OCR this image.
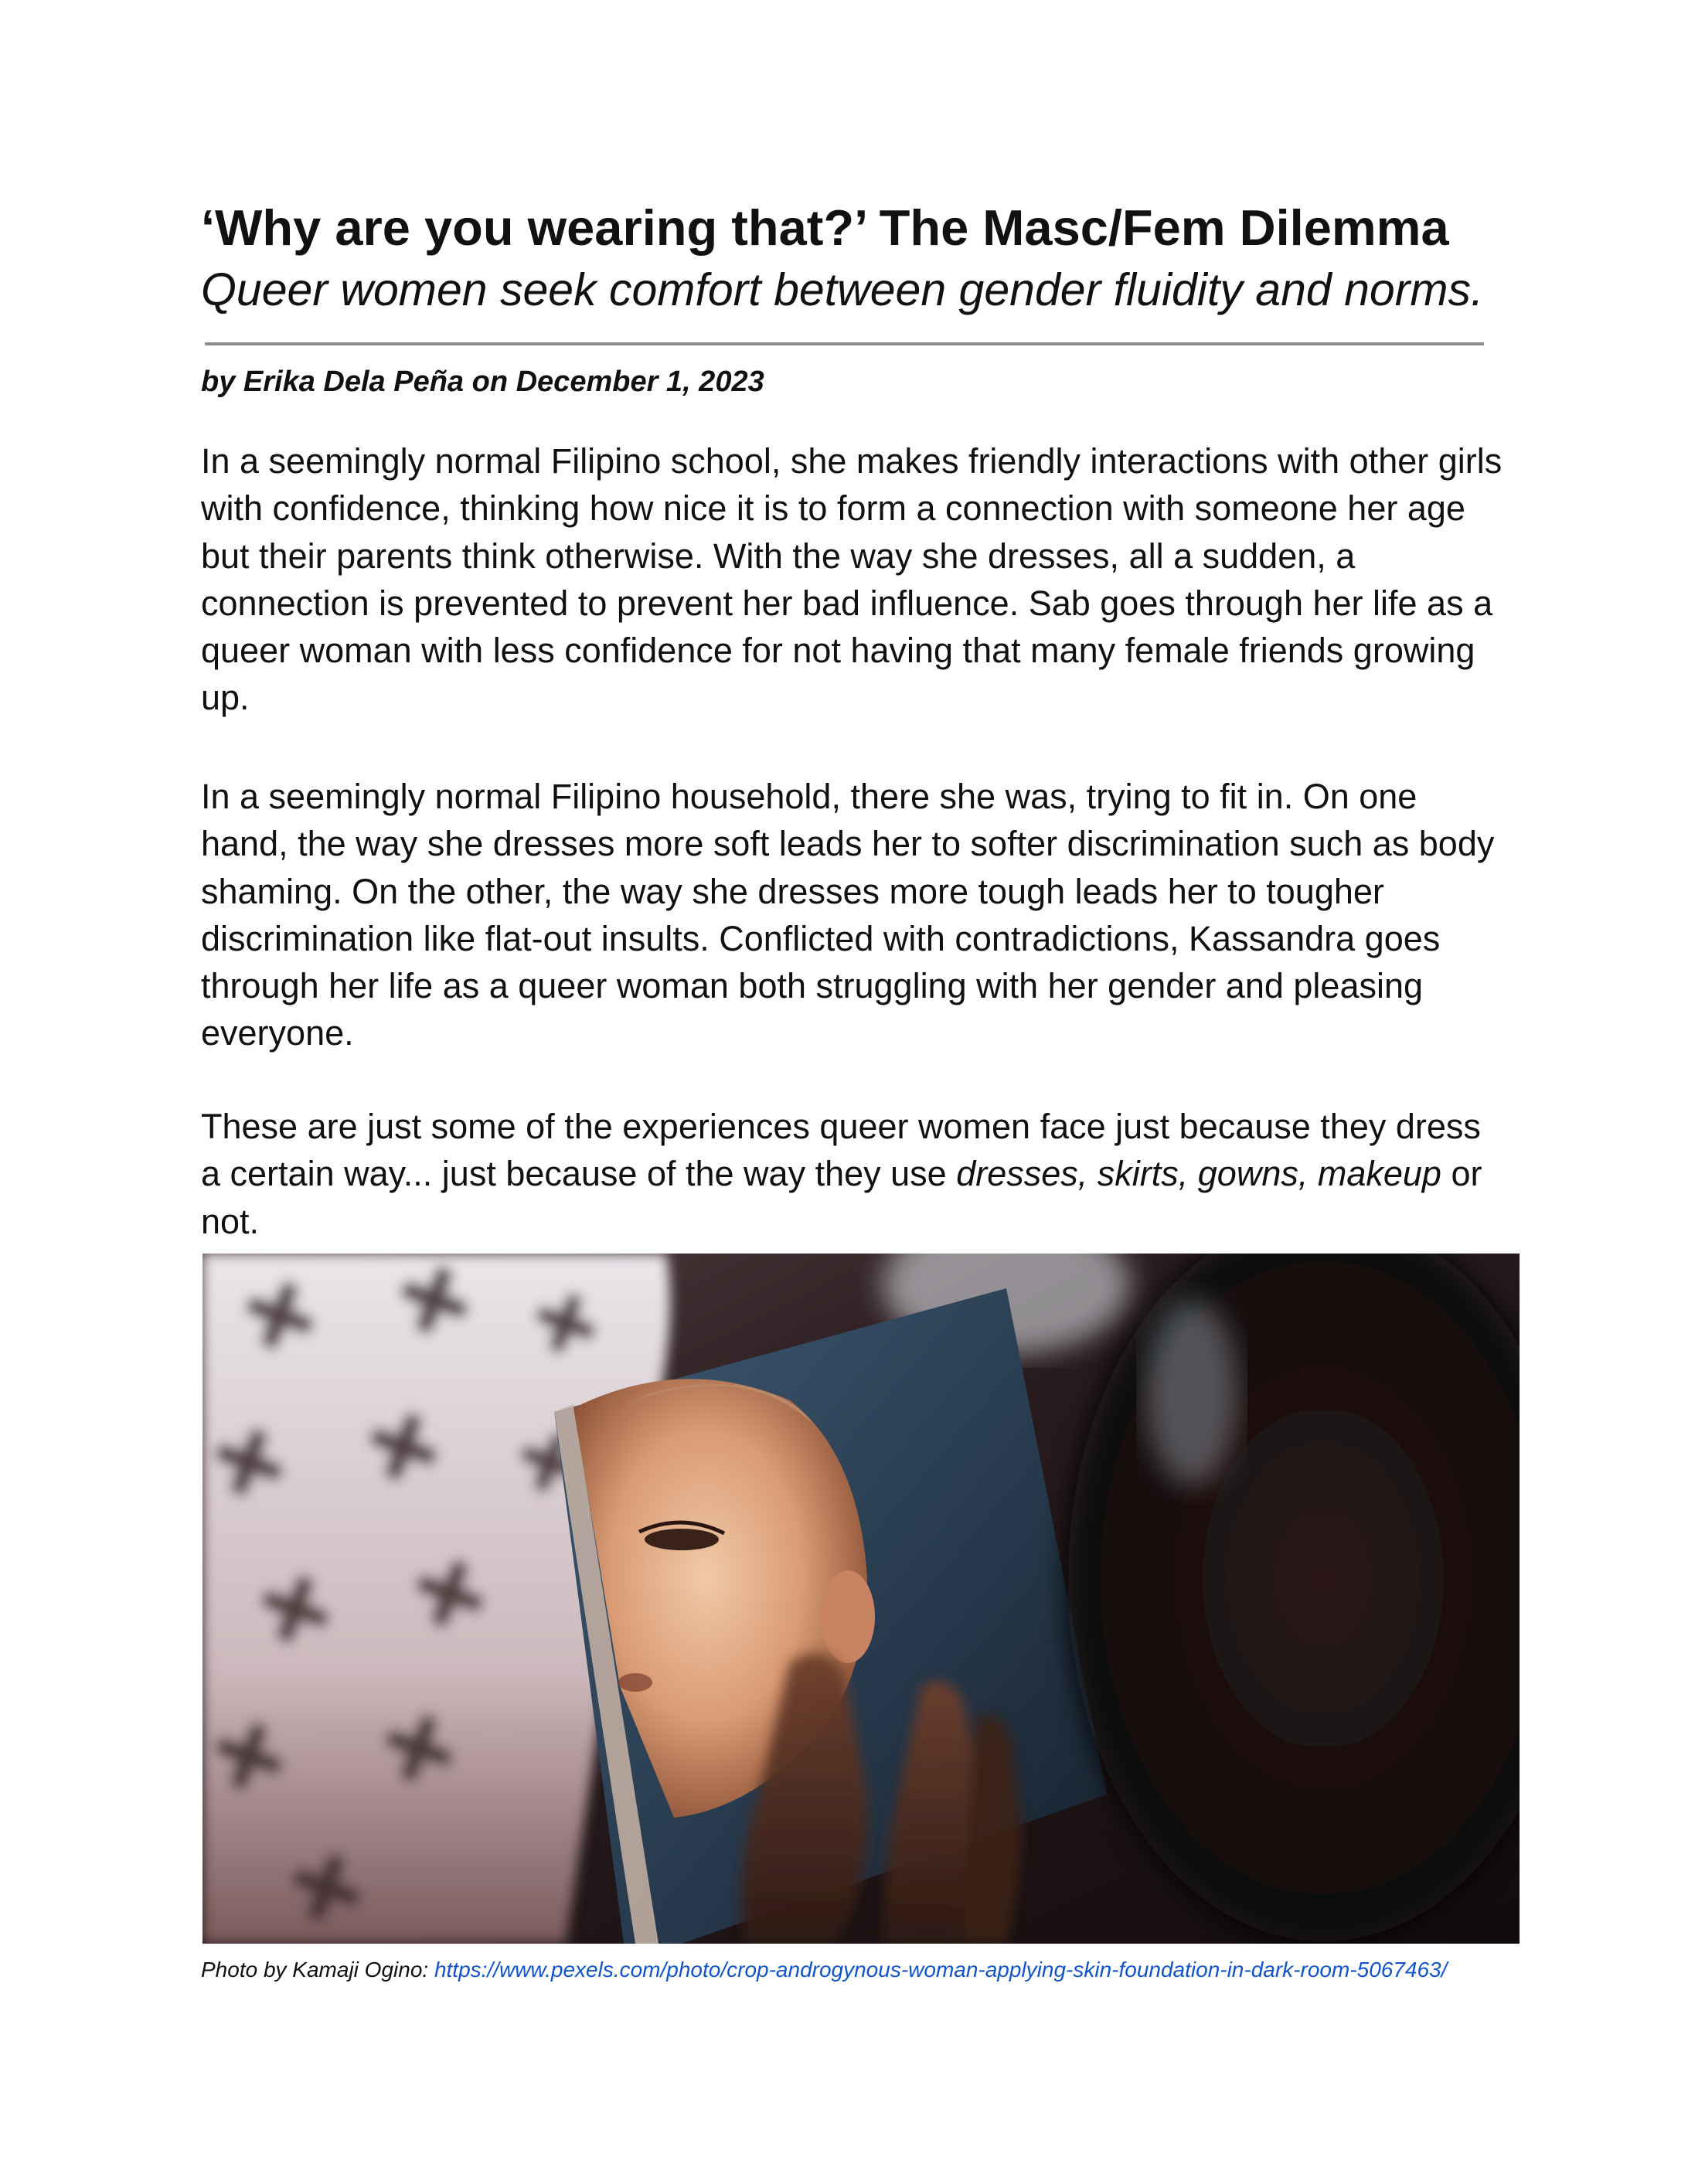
‘Why are you wearing that?’ The Masc/Fem Dilemma

Queer women seek comfort between gender fluidity and norms.

by Erika Dela Peña on December 1, 2023

In a seemingly normal Filipino school, she makes friendly interactions with other girls with confidence, thinking how nice it is to form a connection with someone her age but their parents think otherwise. With the way she dresses, all a sudden, a connection is prevented to prevent her bad influence. Sab goes through her life as a queer woman with less confidence for not having that many female friends growing up.

In a seemingly normal Filipino household, there she was, trying to fit in. On one hand, the way she dresses more soft leads her to softer discrimination such as body shaming. On the other, the way she dresses more tough leads her to tougher discrimination like flat-out insults. Conflicted with contradictions, Kassandra goes through her life as a queer woman both struggling with her gender and pleasing everyone.

These are just some of the experiences queer women face just because they dress a certain way... just because of the way they use dresses, skirts, gowns, makeup or not.

Photo by Kamaji Ogino: https://www.pexels.com/photo/crop-androgynous-woman-applying-skin-foundation-in-dark-room-5067463/
